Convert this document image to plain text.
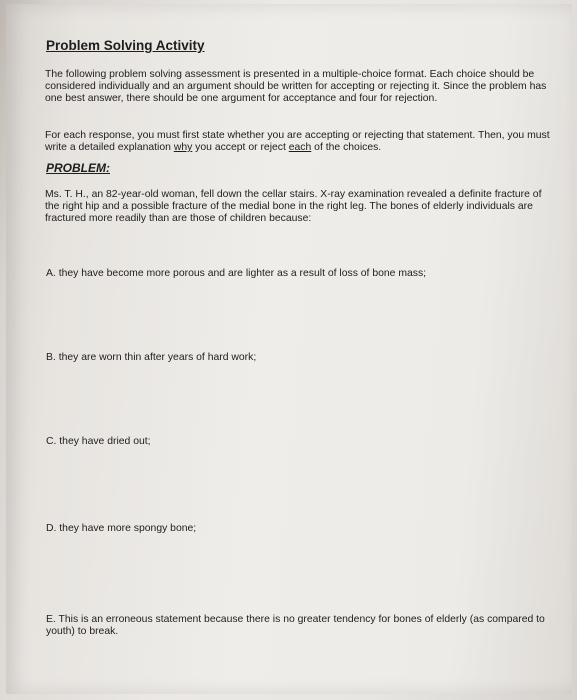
Problem Solving Activity

The following problem solving assessment is presented in a multiple-choice format. Each choice should be considered individually and an argument should be written for accepting or rejecting it. Since the problem has one best answer, there should be one argument for acceptance and four for rejection.

For each response, you must first state whether you are accepting or rejecting that statement. Then, you must write a detailed explanation why you accept or reject each of the choices.

PROBLEM:

Ms. T. H., an 82-year-old woman, fell down the cellar stairs. X-ray examination revealed a definite fracture of the right hip and a possible fracture of the medial bone in the right leg. The bones of elderly individuals are fractured more readily than are those of children because:

A. they have become more porous and are lighter as a result of loss of bone mass;

B. they are worn thin after years of hard work;

C. they have dried out;

D. they have more spongy bone;

E. This is an erroneous statement because there is no greater tendency for bones of elderly (as compared to youth) to break.
